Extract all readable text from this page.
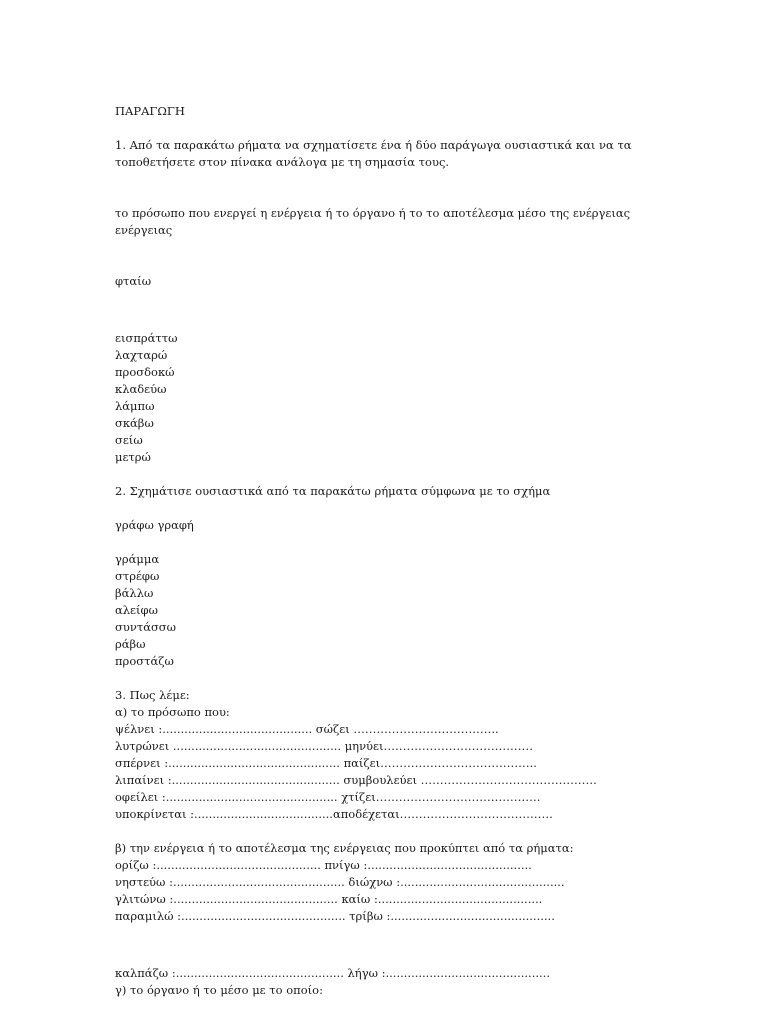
ΠΑΡΑΓΩΓΗ
1. Από τα παρακάτω ρήματα να σχηματίσετε ένα ή δύο παράγωγα ουσιαστικά και να τα τοποθετήσετε στον πίνακα ανάλογα με τη σημασία τους.
το πρόσωπο που ενεργεί η ενέργεια ή το όργανο ή το το αποτέλεσμα μέσο της ενέργειας ενέργειας
φταίω
εισπράττω
λαχταρώ
προσδοκώ
κλαδεύω
λάμπω
σκάβω
σείω
μετρώ
2. Σχημάτισε ουσιαστικά από τα παρακάτω ρήματα σύμφωνα με το σχήμα
γράφω γραφή
γράμμα
στρέφω
βάλλω
αλείφω
συντάσσω
ράβω
προστάζω
3. Πως λέμε:
α) το πρόσωπο που:
ψέλνει :......................................... σώζει ………………………………..
λυτρώνει .............................................. μηνύει…………………………………
σπέρνει :............................................... παίζει…………………………………..
λιπαίνει :.............................................. συμβουλεύει ……………………………………….
οφείλει :............................................... χτίζει…………………………………….
υποκρίνεται :......................................αποδέχεται………………………………….
β) την ενέργεια ή το αποτέλεσμα της ενέργειας που προκύπτει από τα ρήματα:
ορίζω :............................................. πνίγω :.............................................
νηστεύω :............................................... διώχνω :.............................................
γλιτώνω :............................................. καίω :.............................................
παραμιλώ :............................................. τρίβω :.............................................
καλπάζω :.............................................. λήγω :.............................................
γ) το όργανο ή το μέσο με το οποίο:
